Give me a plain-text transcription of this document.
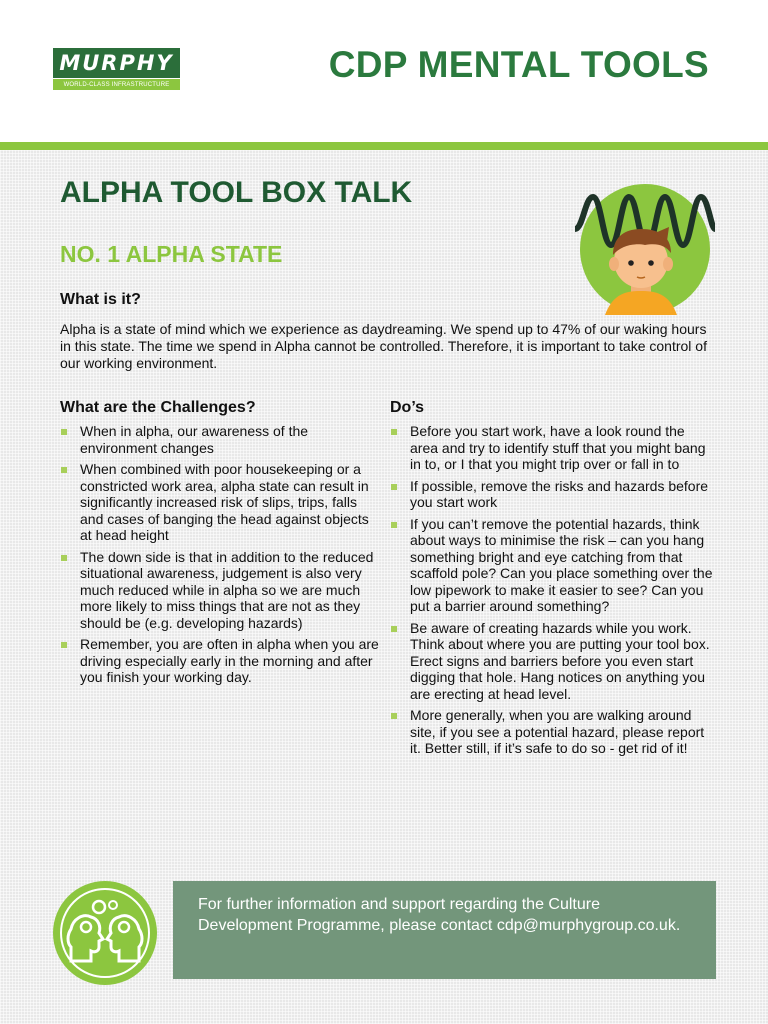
MURPHY
WORLD-CLASS INFRASTRUCTURE	CDP MENTAL TOOLS
ALPHA TOOL BOX TALK
NO. 1 ALPHA STATE
What is it?

Alpha is a state of mind which we experience as daydreaming. We spend up to 47% of our waking hours in this state. The time we spend in Alpha cannot be controlled. Therefore, it is important to take control of our working environment.

What are the Challenges?
When in alpha, our awareness of the environment changes
When combined with poor housekeeping or a constricted work area, alpha state can result in significantly increased risk of slips, trips, falls and cases of banging the head against objects at head height
The down side is that in addition to the reduced situational awareness, judgement is also very much reduced while in alpha so we are much more likely to miss things that are not as they should be (e.g. developing hazards)
Remember, you are often in alpha when you are driving especially early in the morning and after you finish your working day.
Do’s
Before you start work, have a look round the area and try to identify stuff that you might bang in to, or I that you might trip over or fall in to
If possible, remove the risks and hazards before you start work
If you can’t remove the potential hazards, think about ways to minimise the risk – can you hang something bright and eye catching from that scaffold pole? Can you place something over the low pipework to make it easier to see? Can you put a barrier around something?
Be aware of creating hazards while you work. Think about where you are putting your tool box. Erect signs and barriers before you even start digging that hole. Hang notices on anything you are erecting at head level.
More generally, when you are walking around site, if you see a potential hazard, please report it. Better still, if it’s safe to do so - get rid of it!

For further information and support regarding the Culture Development Programme, please contact cdp@murphygroup.co.uk.
